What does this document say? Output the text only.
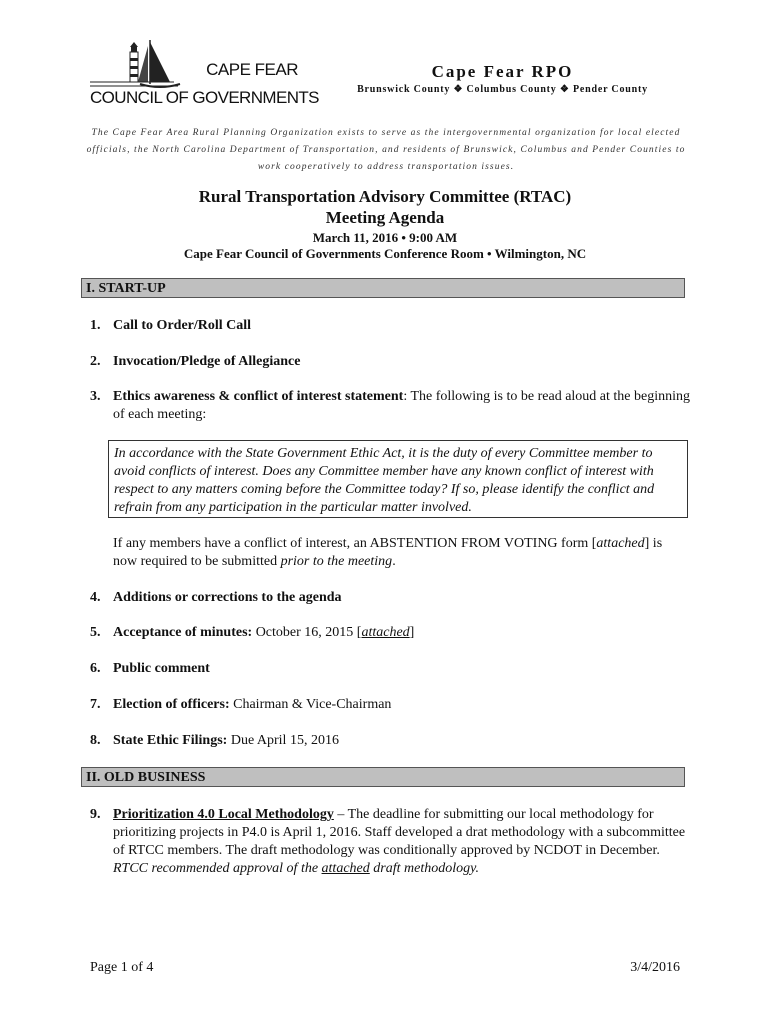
CAPE FEAR
COUNCIL OF GOVERNMENTS
Cape Fear RPO
Brunswick County ❖ Columbus County ❖ Pender County
The Cape Fear Area Rural Planning Organization exists to serve as the intergovernmental organization for local elected officials, the North Carolina Department of Transportation, and residents of Brunswick, Columbus and Pender Counties to work cooperatively to address transportation issues.
Rural Transportation Advisory Committee (RTAC)
Meeting Agenda
March 11, 2016 • 9:00 AM
Cape Fear Council of Governments Conference Room • Wilmington, NC
I. START-UP
1. Call to Order/Roll Call
2. Invocation/Pledge of Allegiance
3. Ethics awareness & conflict of interest statement: The following is to be read aloud at the beginning of each meeting:
In accordance with the State Government Ethic Act, it is the duty of every Committee member to avoid conflicts of interest. Does any Committee member have any known conflict of interest with respect to any matters coming before the Committee today? If so, please identify the conflict and refrain from any participation in the particular matter involved.
If any members have a conflict of interest, an ABSTENTION FROM VOTING form [attached] is now required to be submitted prior to the meeting.
4. Additions or corrections to the agenda
5. Acceptance of minutes: October 16, 2015 [attached]
6. Public comment
7. Election of officers: Chairman & Vice-Chairman
8. State Ethic Filings: Due April 15, 2016
II. OLD BUSINESS
9. Prioritization 4.0 Local Methodology – The deadline for submitting our local methodology for prioritizing projects in P4.0 is April 1, 2016. Staff developed a drat methodology with a subcommittee of RTCC members. The draft methodology was conditionally approved by NCDOT in December. RTCC recommended approval of the attached draft methodology.
Page 1 of 4	3/4/2016
